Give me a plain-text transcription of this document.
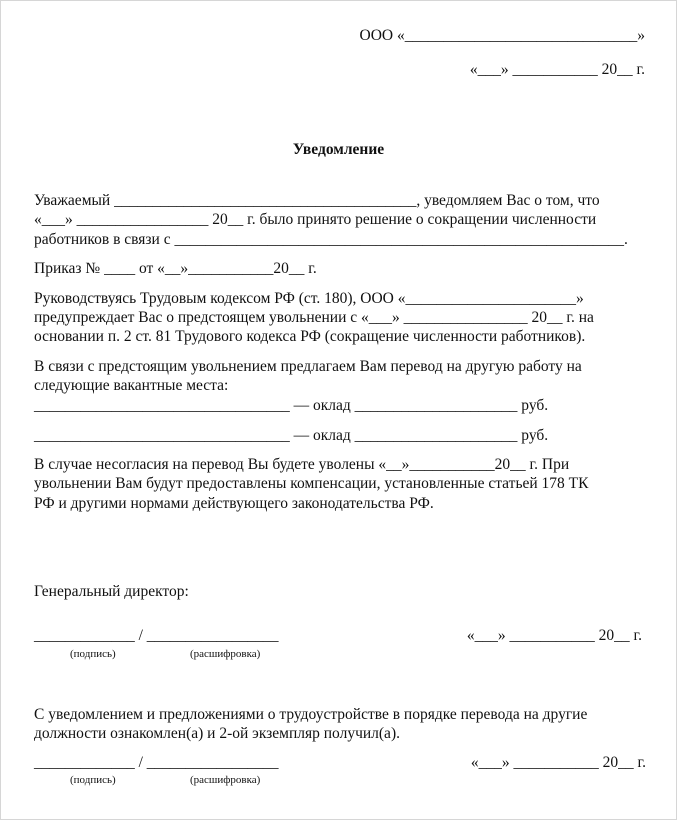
ООО «______________________________»
«___» ___________ 20__ г.
Уведомление
Уважаемый _______________________________________, уведомляем Вас о том, что
«___» _________________ 20__ г. было принято решение о сокращении численности
работников в связи с __________________________________________________________.
Приказ № ____ от «__»___________20__ г.
Руководствуясь Трудовым кодексом РФ (ст. 180), ООО «______________________»
предупреждает Вас о предстоящем увольнении с «___» ________________ 20__ г. на
основании п. 2 ст. 81 Трудового кодекса РФ (сокращение численности работников).
В связи с предстоящим увольнением предлагаем Вам перевод на другую работу на
следующие вакантные места:
_________________________________ — оклад _____________________ руб.
_________________________________ — оклад _____________________ руб.
В случае несогласия на перевод Вы будете уволены «__»___________20__ г. При
увольнении Вам будут предоставлены компенсации, установленные статьей 178 ТК
РФ и другими нормами действующего законодательства РФ.
Генеральный директор:
_____________ / _________________	«___» ___________ 20__ г.
(подпись)	(расшифровка)
С уведомлением и предложениями о трудоустройстве в порядке перевода на другие
должности ознакомлен(а) и 2-ой экземпляр получил(а).
_____________ / _________________	«___» ___________ 20__ г.
(подпись)	(расшифровка)
